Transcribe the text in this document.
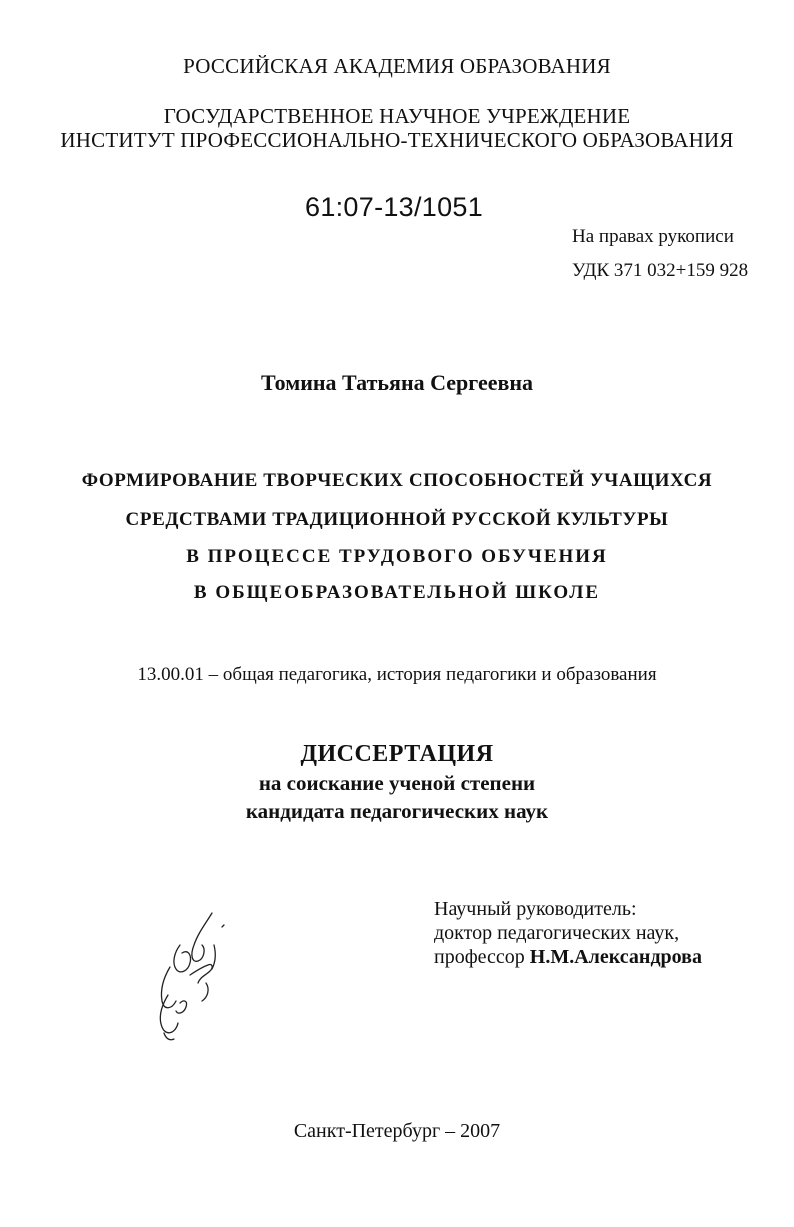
РОССИЙСКАЯ АКАДЕМИЯ ОБРАЗОВАНИЯ
ГОСУДАРСТВЕННОЕ НАУЧНОЕ УЧРЕЖДЕНИЕ
ИНСТИТУТ ПРОФЕССИОНАЛЬНО-ТЕХНИЧЕСКОГО ОБРАЗОВАНИЯ
61:07-13/1051
На правах рукописи
УДК 371 032+159 928
Томина Татьяна Сергеевна
ФОРМИРОВАНИЕ ТВОРЧЕСКИХ СПОСОБНОСТЕЙ УЧАЩИХСЯ
СРЕДСТВАМИ ТРАДИЦИОННОЙ РУССКОЙ КУЛЬТУРЫ
В ПРОЦЕССЕ ТРУДОВОГО ОБУЧЕНИЯ
В ОБЩЕОБРАЗОВАТЕЛЬНОЙ ШКОЛЕ
13.00.01 – общая педагогика, история педагогики и образования
ДИССЕРТАЦИЯ
на соискание ученой степени
кандидата педагогических наук
Научный руководитель:
доктор педагогических наук,
профессор Н.М.Александрова
Санкт-Петербург – 2007
